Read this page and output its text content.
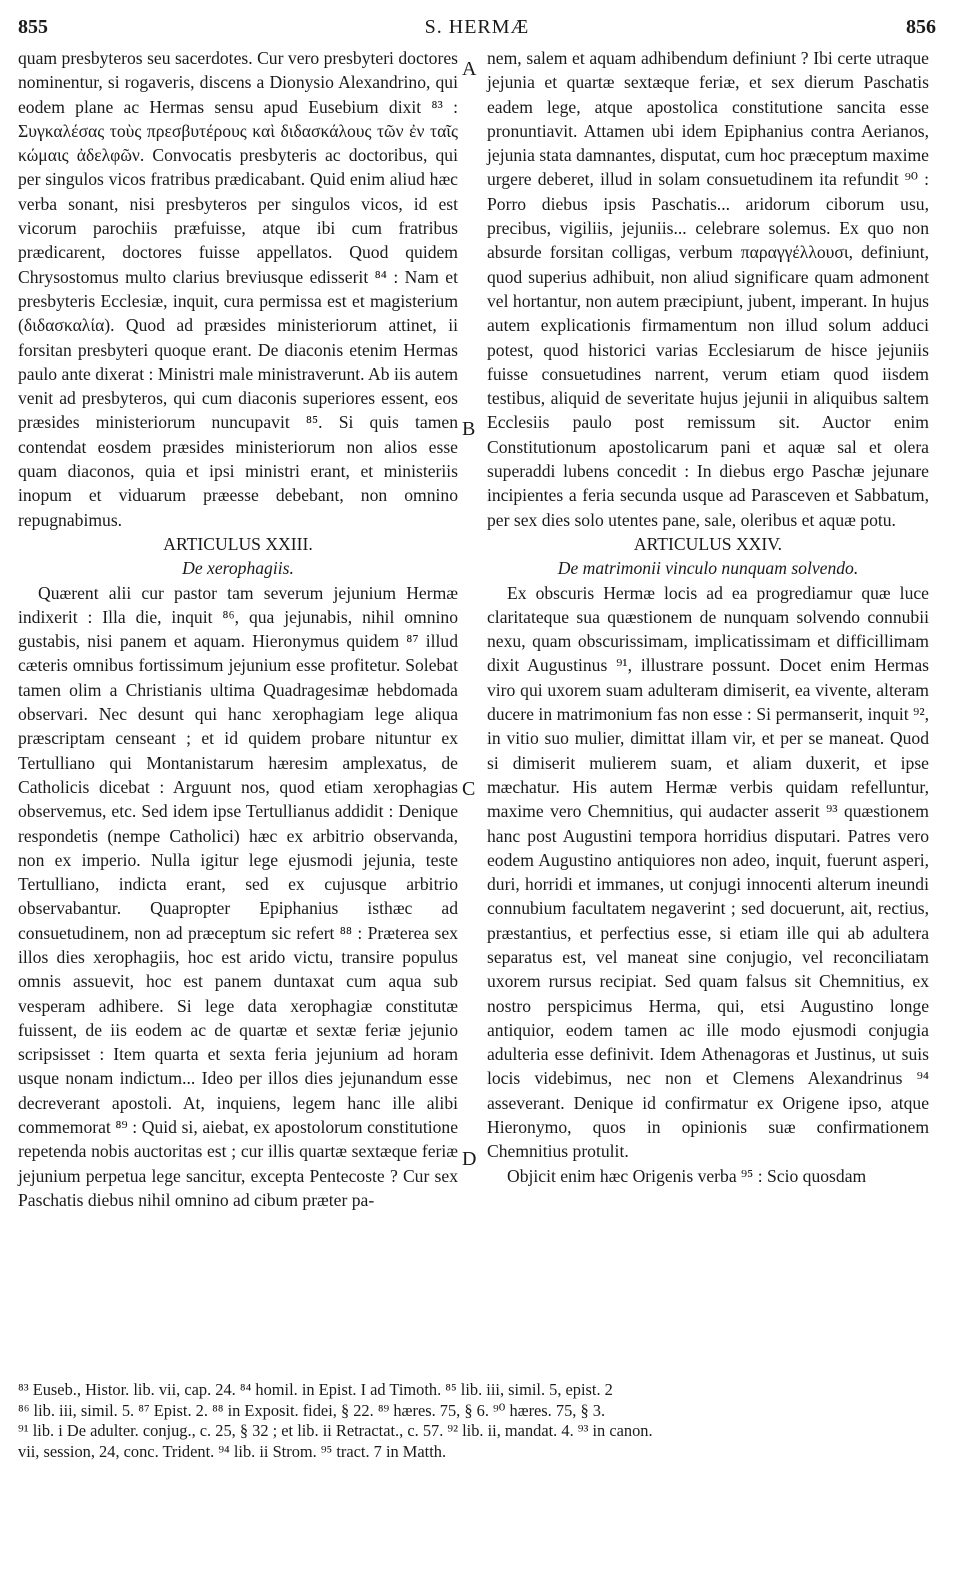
855	S. HERMÆ	856
A
B
C
D

quam presbyteros seu sacerdotes. Cur vero presbyteri doctores nominentur, si rogaveris, discens a Dionysio Alexandrino, qui eodem plane ac Hermas sensu apud Eusebium dixit ⁸³ : Συγκαλέσας τοὺς πρεσβυτέρους καὶ διδασκάλους τῶν ἐν ταῖς κώμαις ἀδελφῶν. Convocatis presbyteris ac doctoribus, qui per singulos vicos fratribus prædicabant. Quid enim aliud hæc verba sonant, nisi presbyteros per singulos vicos, id est vicorum parochiis præfuisse, atque ibi cum fratribus prædicarent, doctores fuisse appellatos. Quod quidem Chrysostomus multo clarius breviusque edisserit ⁸⁴ : Nam et presbyteris Ecclesiæ, inquit, cura permissa est et magisterium (διδασκαλία). Quod ad præsides ministeriorum attinet, ii forsitan presbyteri quoque erant. De diaconis etenim Hermas paulo ante dixerat : Ministri male ministraverunt. Ab iis autem venit ad presbyteros, qui cum diaconis superiores essent, eos præsides ministeriorum nuncupavit ⁸⁵. Si quis tamen contendat eosdem præsides ministeriorum non alios esse quam diaconos, quia et ipsi ministri erant, et ministeriis inopum et viduarum præesse debebant, non omnino repugnabimus.

ARTICULUS XXIII.

De xerophagiis.

Quærent alii cur pastor tam severum jejunium Hermæ indixerit : Illa die, inquit ⁸⁶, qua jejunabis, nihil omnino gustabis, nisi panem et aquam. Hieronymus quidem ⁸⁷ illud cæteris omnibus fortissimum jejunium esse profitetur. Solebat tamen olim a Christianis ultima Quadragesimæ hebdomada observari. Nec desunt qui hanc xerophagiam lege aliqua præscriptam censeant ; et id quidem probare nituntur ex Tertulliano qui Montanistarum hæresim amplexatus, de Catholicis dicebat : Arguunt nos, quod etiam xerophagias observemus, etc. Sed idem ipse Tertullianus addidit : Denique respondetis (nempe Catholici) hæc ex arbitrio observanda, non ex imperio. Nulla igitur lege ejusmodi jejunia, teste Tertulliano, indicta erant, sed ex cujusque arbitrio observabantur. Quapropter Epiphanius isthæc ad consuetudinem, non ad præceptum sic refert ⁸⁸ : Præterea sex illos dies xerophagiis, hoc est arido victu, transire populus omnis assuevit, hoc est panem duntaxat cum aqua sub vesperam adhibere. Si lege data xerophagiæ constitutæ fuissent, de iis eodem ac de quartæ et sextæ feriæ jejunio scripsisset : Item quarta et sexta feria jejunium ad horam usque nonam indictum... Ideo per illos dies jejunandum esse decreverant apostoli. At, inquiens, legem hanc ille alibi commemorat ⁸⁹ : Quid si, aiebat, ex apostolorum constitutione repetenda nobis auctoritas est ; cur illis quartæ sextæque feriæ jejunium perpetua lege sancitur, excepta Pentecoste ? Cur sex Paschatis diebus nihil omnino ad cibum præter pa-

nem, salem et aquam adhibendum definiunt ? Ibi certe utraque jejunia et quartæ sextæque feriæ, et sex dierum Paschatis eadem lege, atque apostolica constitutione sancita esse pronuntiavit. Attamen ubi idem Epiphanius contra Aerianos, jejunia stata damnantes, disputat, cum hoc præceptum maxime urgere deberet, illud in solam consuetudinem ita refundit ⁹⁰ : Porro diebus ipsis Paschatis... aridorum ciborum usu, precibus, vigiliis, jejuniis... celebrare solemus. Ex quo non absurde forsitan colligas, verbum παραγγέλλουσι, definiunt, quod superius adhibuit, non aliud significare quam admonent vel hortantur, non autem præcipiunt, jubent, imperant. In hujus autem explicationis firmamentum non illud solum adduci potest, quod historici varias Ecclesiarum de hisce jejuniis fuisse consuetudines narrent, verum etiam quod iisdem testibus, aliquid de severitate hujus jejunii in aliquibus saltem Ecclesiis paulo post remissum sit. Auctor enim Constitutionum apostolicarum pani et aquæ sal et olera superaddi lubens concedit : In diebus ergo Paschæ jejunare incipientes a feria secunda usque ad Parasceven et Sabbatum, per sex dies solo utentes pane, sale, oleribus et aquæ potu.

ARTICULUS XXIV.

De matrimonii vinculo nunquam solvendo.

Ex obscuris Hermæ locis ad ea progrediamur quæ luce claritateque sua quæstionem de nunquam solvendo connubii nexu, quam obscurissimam, implicatissimam et difficillimam dixit Augustinus ⁹¹, illustrare possunt. Docet enim Hermas viro qui uxorem suam adulteram dimiserit, ea vivente, alteram ducere in matrimonium fas non esse : Si permanserit, inquit ⁹², in vitio suo mulier, dimittat illam vir, et per se maneat. Quod si dimiserit mulierem suam, et aliam duxerit, et ipse mæchatur. His autem Hermæ verbis quidam refelluntur, maxime vero Chemnitius, qui audacter asserit ⁹³ quæstionem hanc post Augustini tempora horridius disputari. Patres vero eodem Augustino antiquiores non adeo, inquit, fuerunt asperi, duri, horridi et immanes, ut conjugi innocenti alterum ineundi connubium facultatem negaverint ; sed docuerunt, ait, rectius, præstantius, et perfectius esse, si etiam ille qui ab adultera separatus est, vel maneat sine conjugio, vel reconciliatam uxorem rursus recipiat. Sed quam falsus sit Chemnitius, ex nostro perspicimus Herma, qui, etsi Augustino longe antiquior, eodem tamen ac ille modo ejusmodi conjugia adulteria esse definivit. Idem Athenagoras et Justinus, ut suis locis videbimus, nec non et Clemens Alexandrinus ⁹⁴ asseverant. Denique id confirmatur ex Origene ipso, atque Hieronymo, quos in opinionis suæ confirmationem Chemnitius protulit.

Objicit enim hæc Origenis verba ⁹⁵ : Scio quosdam

⁸³ Euseb., Histor. lib. vii, cap. 24. ⁸⁴ homil. in Epist. I ad Timoth. ⁸⁵ lib. iii, simil. 5, epist. 2

⁸⁶ lib. iii, simil. 5. ⁸⁷ Epist. 2. ⁸⁸ in Exposit. fidei, § 22. ⁸⁹ hæres. 75, § 6. ⁹⁰ hæres. 75, § 3.

⁹¹ lib. i De adulter. conjug., c. 25, § 32 ; et lib. ii Retractat., c. 57. ⁹² lib. ii, mandat. 4. ⁹³ in canon.

vii, session, 24, conc. Trident. ⁹⁴ lib. ii Strom. ⁹⁵ tract. 7 in Matth.
